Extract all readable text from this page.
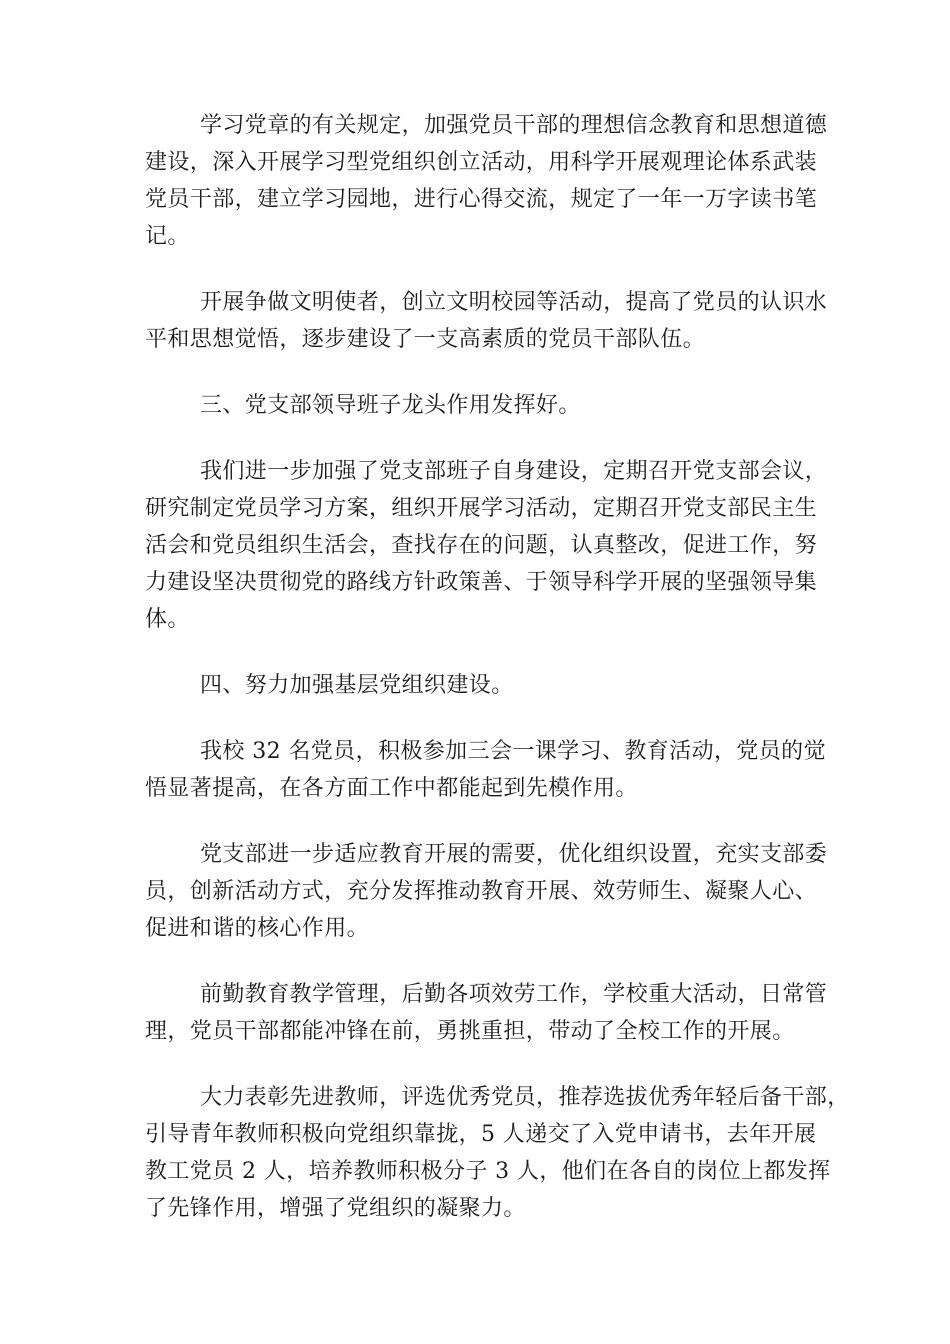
学习党章的有关规定，加强党员干部的理想信念教育和思想道德
建设，深入开展学习型党组织创立活动，用科学开展观理论体系武装
党员干部，建立学习园地，进行心得交流，规定了一年一万字读书笔
记。

开展争做文明使者，创立文明校园等活动，提高了党员的认识水
平和思想觉悟，逐步建设了一支高素质的党员干部队伍。

三、党支部领导班子龙头作用发挥好。

我们进一步加强了党支部班子自身建设，定期召开党支部会议，
研究制定党员学习方案，组织开展学习活动，定期召开党支部民主生
活会和党员组织生活会，查找存在的问题，认真整改，促进工作，努
力建设坚决贯彻党的路线方针政策善、于领导科学开展的坚强领导集
体。

四、努力加强基层党组织建设。

我校 32 名党员，积极参加三会一课学习、教育活动，党员的觉
悟显著提高，在各方面工作中都能起到先模作用。

党支部进一步适应教育开展的需要，优化组织设置，充实支部委
员，创新活动方式，充分发挥推动教育开展、效劳师生、凝聚人心、
促进和谐的核心作用。

前勤教育教学管理，后勤各项效劳工作，学校重大活动，日常管
理，党员干部都能冲锋在前，勇挑重担，带动了全校工作的开展。

大力表彰先进教师，评选优秀党员，推荐选拔优秀年轻后备干部，
引导青年教师积极向党组织靠拢，5 人递交了入党申请书，去年开展
教工党员 2 人，培养教师积极分子 3 人，他们在各自的岗位上都发挥
了先锋作用，增强了党组织的凝聚力。
